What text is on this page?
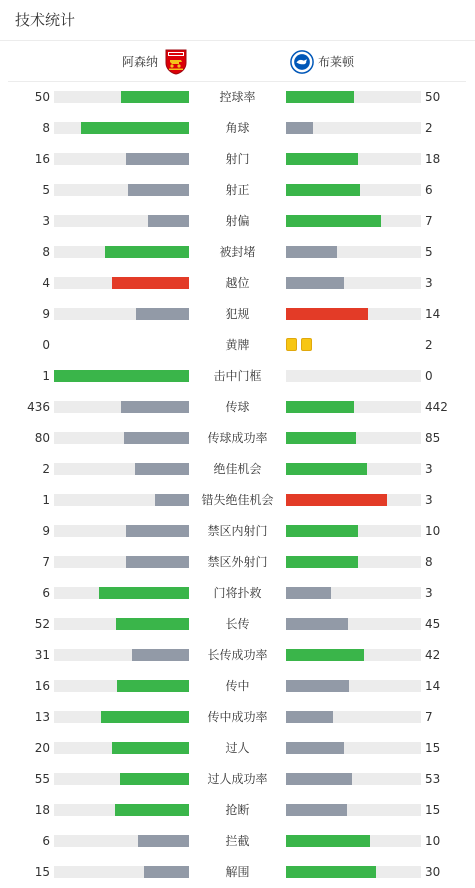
技术统计
阿森纳	布莱顿
50	控球率	50
8	角球	2
16	射门	18
5	射正	6
3	射偏	7
8	被封堵	5
4	越位	3
9	犯规	14
0	黄牌	2
1	击中门框	0
436	传球	442
80	传球成功率	85
2	绝佳机会	3
1	错失绝佳机会	3
9	禁区内射门	10
7	禁区外射门	8
6	门将扑救	3
52	长传	45
31	长传成功率	42
16	传中	14
13	传中成功率	7
20	过人	15
55	过人成功率	53
18	抢断	15
6	拦截	10
15	解围	30
